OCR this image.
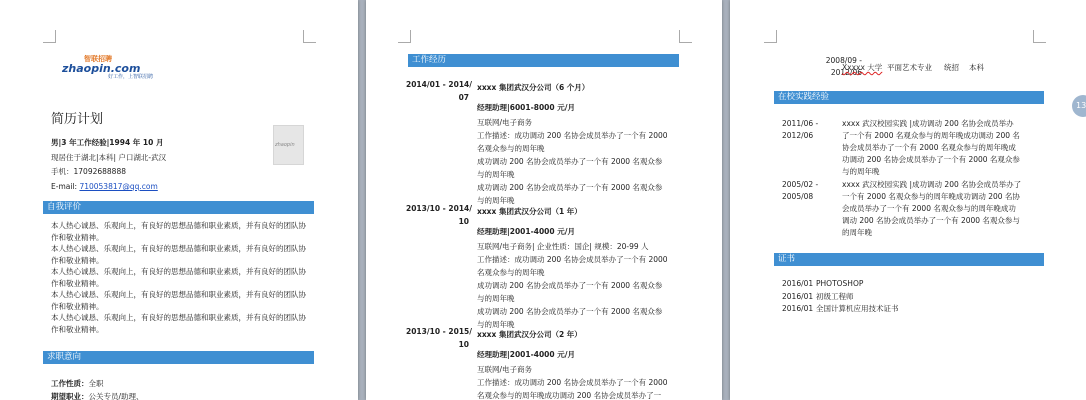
智联招聘
zhaopin.com
好工作，上智联招聘
简历计划
zhaopin
男|3 年工作经验|1994 年 10 月
现居住于湖北|本科| 户口湖北-武汉
手机：17092688888
E-mail: 710053817@qq.com
自我评价
本人热心诚恳、乐观向上，有良好的思想品德和职业素质，并有良好的团队协
作和敬业精神。
本人热心诚恳、乐观向上，有良好的思想品德和职业素质，并有良好的团队协
作和敬业精神。
本人热心诚恳、乐观向上，有良好的思想品德和职业素质，并有良好的团队协
作和敬业精神。
本人热心诚恳、乐观向上，有良好的思想品德和职业素质，并有良好的团队协
作和敬业精神。
本人热心诚恳、乐观向上，有良好的思想品德和职业素质，并有良好的团队协
作和敬业精神。
求职意向
工作性质：全职
期望职业：公关专员/助理、
工作经历
2014/01 - 2014/
07
xxxx 集团武汉分公司（6 个月）
经理助理|6001-8000 元/月
互联网/电子商务
工作描述：成功调动 200 名协会成员举办了一个有 2000
名观众参与的周年晚
成功调动 200 名协会成员举办了一个有 2000 名观众参
与的周年晚
成功调动 200 名协会成员举办了一个有 2000 名观众参
与的周年晚
2013/10 - 2014/
10
xxxx 集团武汉分公司（1 年）
经理助理|2001-4000 元/月
互联网/电子商务| 企业性质：国企| 规模：20-99 人
工作描述：成功调动 200 名协会成员举办了一个有 2000
名观众参与的周年晚
成功调动 200 名协会成员举办了一个有 2000 名观众参
与的周年晚
成功调动 200 名协会成员举办了一个有 2000 名观众参
与的周年晚
2013/10 - 2015/
10
xxxx 集团武汉分公司（2 年）
经理助理|2001-4000 元/月
互联网/电子商务
工作描述：成功调动 200 名协会成员举办了一个有 2000
名观众参与的周年晚成功调动 200 名协会成员举办了一
2008/09 -
2012/06
Xxxxx 大学 平面艺术专业 统招 本科
在校实践经验
2011/06 -
2012/06
xxxx 武汉校园实践 |成功调动 200 名协会成员举办
了一个有 2000 名观众参与的周年晚成功调动 200 名
协会成员举办了一个有 2000 名观众参与的周年晚成
功调动 200 名协会成员举办了一个有 2000 名观众参
与的周年晚
2005/02 -
2005/08
xxxx 武汉校园实践 |成功调动 200 名协会成员举办了
一个有 2000 名观众参与的周年晚成功调动 200 名协
会成员举办了一个有 2000 名观众参与的周年晚成功
调动 200 名协会成员举办了一个有 2000 名观众参与
的周年晚
证书
2016/01 PHOTOSHOP
2016/01 初级工程师
2016/01 全国计算机应用技术证书
13
